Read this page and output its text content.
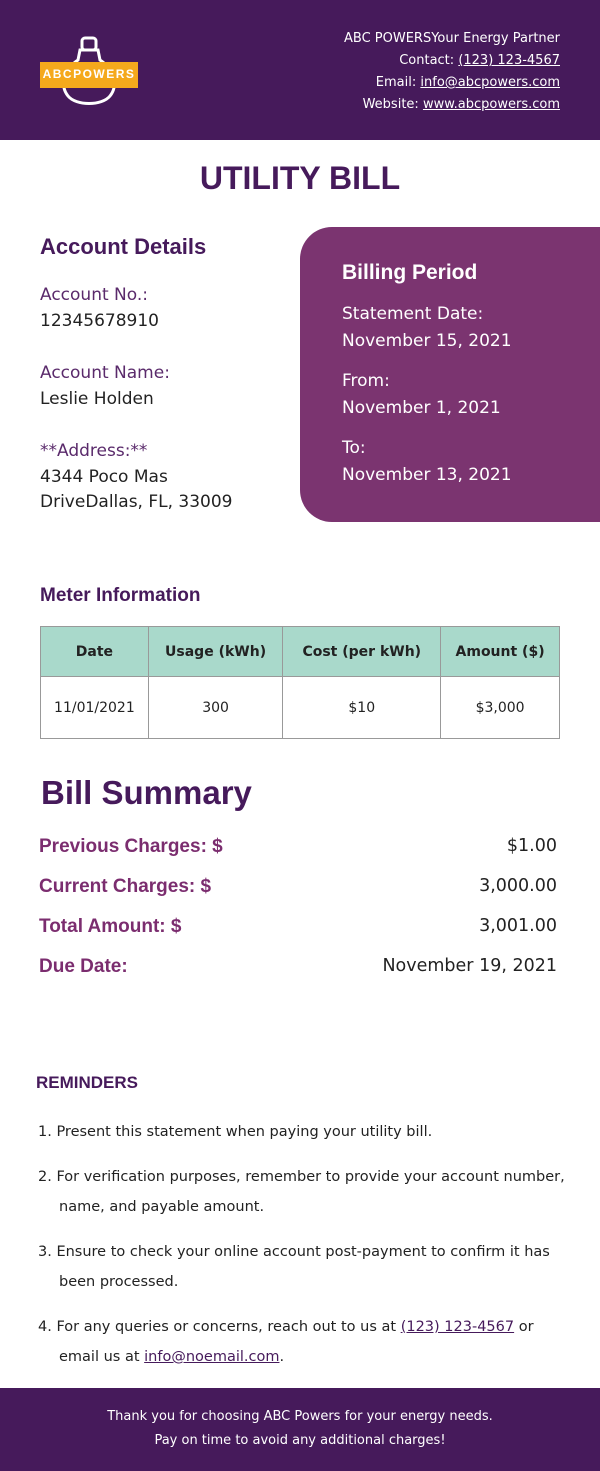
ABCPOWERS
ABC POWERSYour Energy Partner
Contact: (123) 123-4567
Email: info@abcpowers.com
Website: www.abcpowers.com
UTILITY BILL
Account Details
Account No.:
12345678910
Account Name:
Leslie Holden
**Address:**
4344 Poco Mas DriveDallas, FL, 33009
Billing Period
Statement Date:
November 15, 2021
From:
November 1, 2021
To:
November 13, 2021
Meter Information
Date	Usage (kWh)	Cost (per kWh)	Amount ($)
11/01/2021	300	$10	$3,000
Bill Summary
Previous Charges: $	$1.00
Current Charges: $	3,000.00
Total Amount: $	3,001.00
Due Date:	November 19, 2021
REMINDERS
1. Present this statement when paying your utility bill.
2. For verification purposes, remember to provide your account number, name, and payable amount.
3. Ensure to check your online account post-payment to confirm it has been processed.
4. For any queries or concerns, reach out to us at (123) 123-4567 or email us at info@noemail.com.
Thank you for choosing ABC Powers for your energy needs.
Pay on time to avoid any additional charges!
